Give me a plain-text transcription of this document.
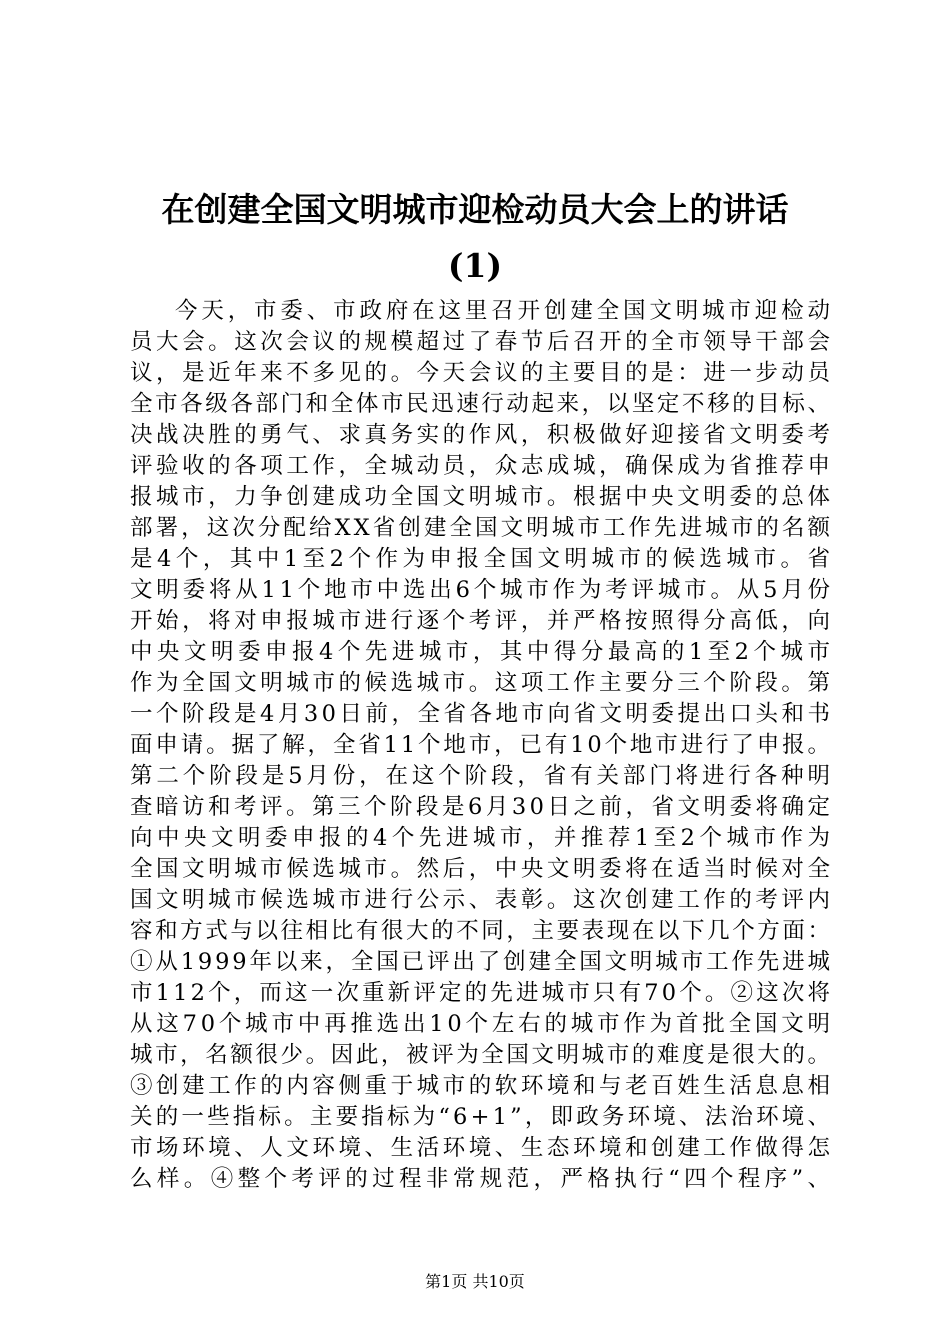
在创建全国文明城市迎检动员大会上的讲话
(1)
今天，市委、市政府在这里召开创建全国文明城市迎检动
员大会。这次会议的规模超过了春节后召开的全市领导干部会
议，是近年来不多见的。今天会议的主要目的是：进一步动员
全市各级各部门和全体市民迅速行动起来，以坚定不移的目标、
决战决胜的勇气、求真务实的作风，积极做好迎接省文明委考
评验收的各项工作，全城动员，众志成城，确保成为省推荐申
报城市，力争创建成功全国文明城市。根据中央文明委的总体
部署，这次分配给XX省创建全国文明城市工作先进城市的名额
是4个，其中1至2个作为申报全国文明城市的候选城市。省
文明委将从11个地市中选出6个城市作为考评城市。从5月份
开始，将对申报城市进行逐个考评，并严格按照得分高低，向
中央文明委申报4个先进城市，其中得分最高的1至2个城市
作为全国文明城市的候选城市。这项工作主要分三个阶段。第
一个阶段是4月30日前，全省各地市向省文明委提出口头和书
面申请。据了解，全省11个地市，已有10个地市进行了申报。
第二个阶段是5月份，在这个阶段，省有关部门将进行各种明
查暗访和考评。第三个阶段是6月30日之前，省文明委将确定
向中央文明委申报的4个先进城市，并推荐1至2个城市作为
全国文明城市候选城市。然后，中央文明委将在适当时候对全
国文明城市候选城市进行公示、表彰。这次创建工作的考评内
容和方式与以往相比有很大的不同，主要表现在以下几个方面：
①从1999年以来，全国已评出了创建全国文明城市工作先进城
市112个，而这一次重新评定的先进城市只有70个。②这次将
从这70个城市中再推选出10个左右的城市作为首批全国文明
城市，名额很少。因此，被评为全国文明城市的难度是很大的。
③创建工作的内容侧重于城市的软环境和与老百姓生活息息相
关的一些指标。主要指标为“6+1”，即政务环境、法治环境、
市场环境、人文环境、生活环境、生态环境和创建工作做得怎
么样。④整个考评的过程非常规范，严格执行“四个程序”、
第1页 共10页
